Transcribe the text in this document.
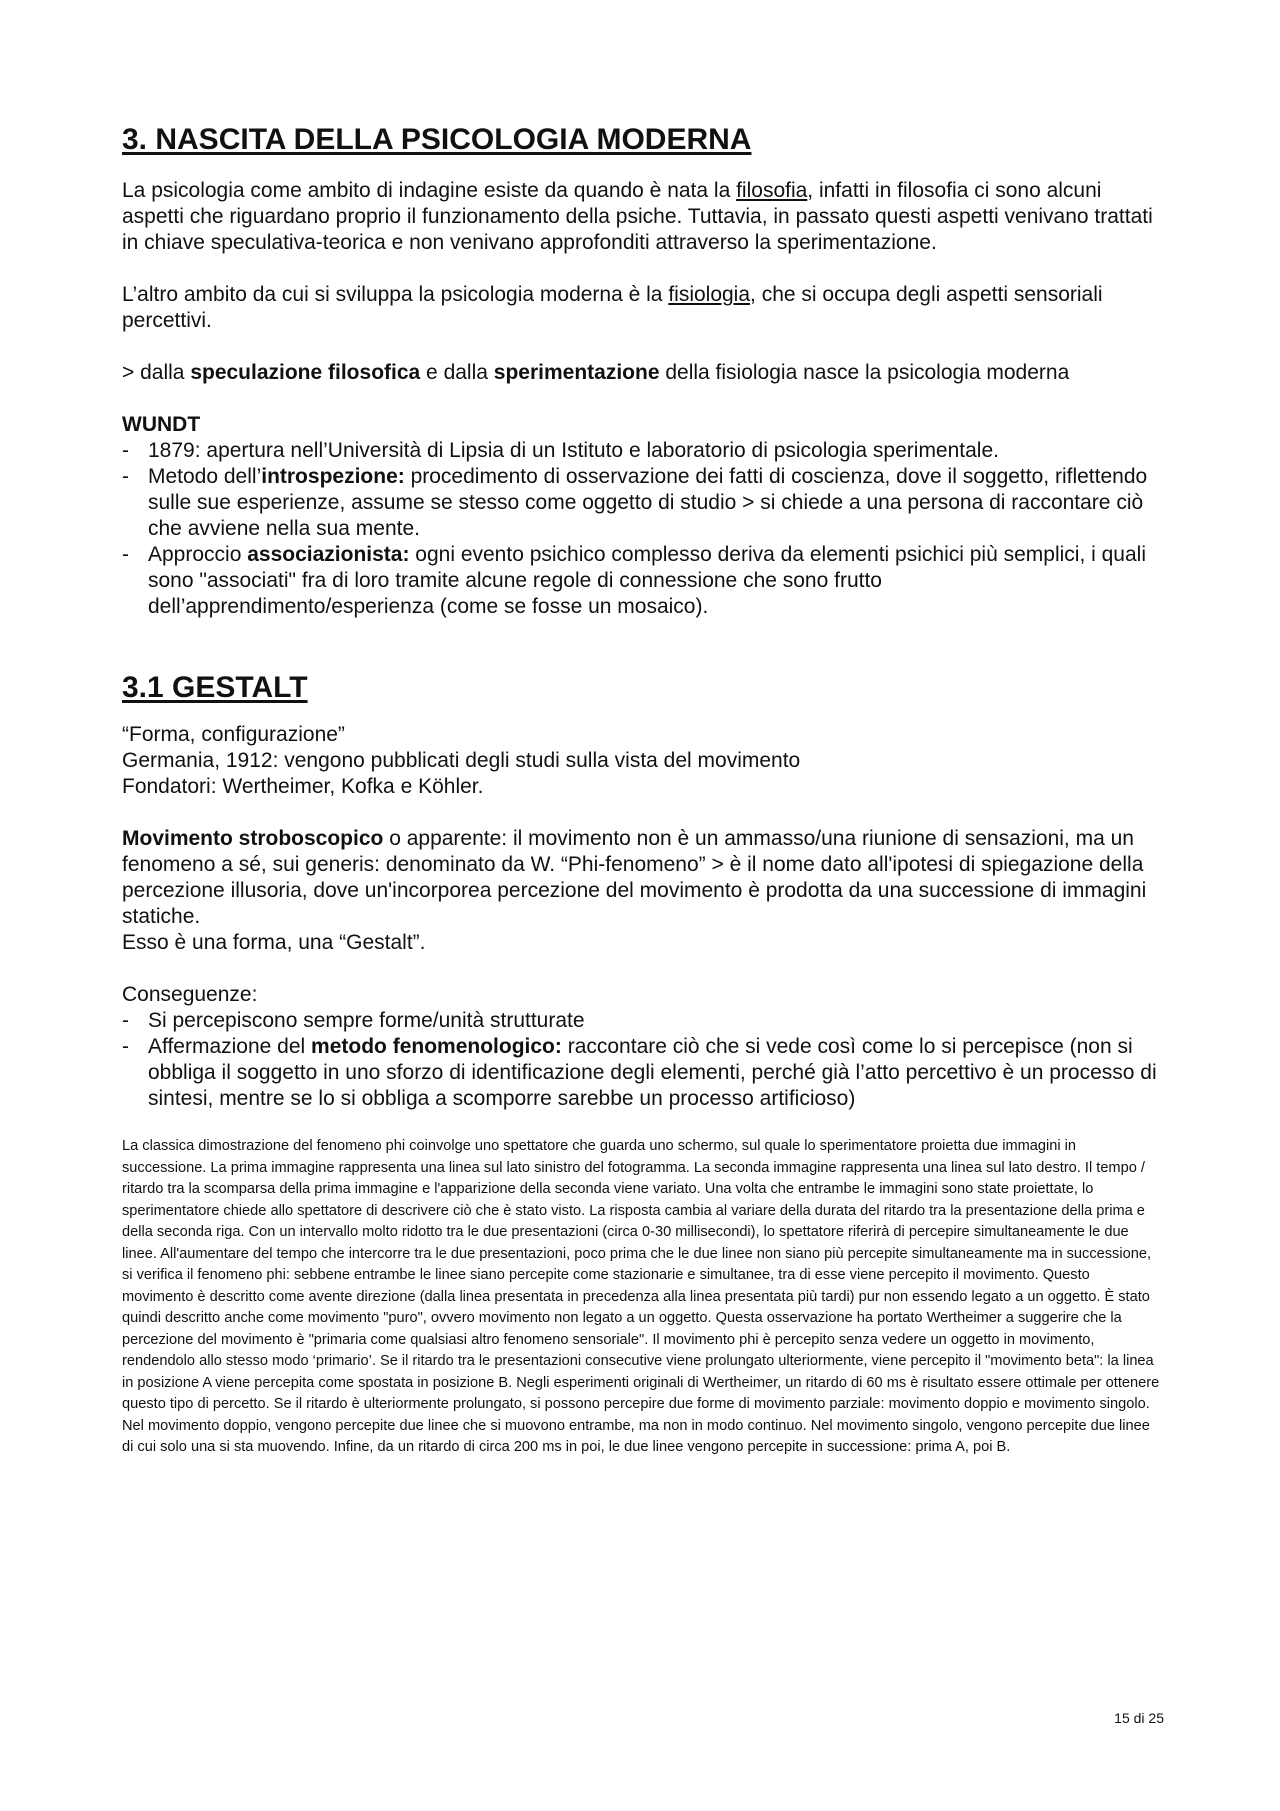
3. NASCITA DELLA PSICOLOGIA MODERNA

La psicologia come ambito di indagine esiste da quando è nata la filosofia, infatti in filosofia ci sono alcuni aspetti che riguardano proprio il funzionamento della psiche. Tuttavia, in passato questi aspetti venivano trattati in chiave speculativa-teorica e non venivano approfonditi attraverso la sperimentazione.

L’altro ambito da cui si sviluppa la psicologia moderna è la fisiologia, che si occupa degli aspetti sensoriali percettivi.

> dalla speculazione filosofica e dalla sperimentazione della fisiologia nasce la psicologia moderna

WUNDT

- 1879: apertura nell’Università di Lipsia di un Istituto e laboratorio di psicologia sperimentale.
- Metodo dell’introspezione: procedimento di osservazione dei fatti di coscienza, dove il soggetto, riflettendo sulle sue esperienze, assume se stesso come oggetto di studio > si chiede a una persona di raccontare ciò che avviene nella sua mente.
- Approccio associazionista: ogni evento psichico complesso deriva da elementi psichici più semplici, i quali sono "associati" fra di loro tramite alcune regole di connessione che sono frutto dell’apprendimento/esperienza (come se fosse un mosaico).
3.1 GESTALT

“Forma, configurazione”

Germania, 1912: vengono pubblicati degli studi sulla vista del movimento

Fondatori: Wertheimer, Kofka e Köhler.

Movimento stroboscopico o apparente: il movimento non è un ammasso/una riunione di sensazioni, ma un fenomeno a sé, sui generis: denominato da W. “Phi-fenomeno” > è il nome dato all'ipotesi di spiegazione della percezione illusoria, dove un'incorporea percezione del movimento è prodotta da una successione di immagini statiche.

Esso è una forma, una “Gestalt”.

Conseguenze:

- Si percepiscono sempre forme/unità strutturate
- Affermazione del metodo fenomenologico: raccontare ciò che si vede così come lo si percepisce (non si obbliga il soggetto in uno sforzo di identificazione degli elementi, perché già l’atto percettivo è un processo di sintesi, mentre se lo si obbliga a scomporre sarebbe un processo artificioso)

La classica dimostrazione del fenomeno phi coinvolge uno spettatore che guarda uno schermo, sul quale lo sperimentatore proietta due immagini in successione. La prima immagine rappresenta una linea sul lato sinistro del fotogramma. La seconda immagine rappresenta una linea sul lato destro. Il tempo / ritardo tra la scomparsa della prima immagine e l'apparizione della seconda viene variato. Una volta che entrambe le immagini sono state proiettate, lo sperimentatore chiede allo spettatore di descrivere ciò che è stato visto. La risposta cambia al variare della durata del ritardo tra la presentazione della prima e della seconda riga. Con un intervallo molto ridotto tra le due presentazioni (circa 0-30 millisecondi), lo spettatore riferirà di percepire simultaneamente le due linee. All'aumentare del tempo che intercorre tra le due presentazioni, poco prima che le due linee non siano più percepite simultaneamente ma in successione, si verifica il fenomeno phi: sebbene entrambe le linee siano percepite come stazionarie e simultanee, tra di esse viene percepito il movimento. Questo movimento è descritto come avente direzione (dalla linea presentata in precedenza alla linea presentata più tardi) pur non essendo legato a un oggetto. È stato quindi descritto anche come movimento "puro", ovvero movimento non legato a un oggetto. Questa osservazione ha portato Wertheimer a suggerire che la percezione del movimento è "primaria come qualsiasi altro fenomeno sensoriale". Il movimento phi è percepito senza vedere un oggetto in movimento, rendendolo allo stesso modo ‘primario’. Se il ritardo tra le presentazioni consecutive viene prolungato ulteriormente, viene percepito il "movimento beta": la linea in posizione A viene percepita come spostata in posizione B. Negli esperimenti originali di Wertheimer, un ritardo di 60 ms è risultato essere ottimale per ottenere questo tipo di percetto. Se il ritardo è ulteriormente prolungato, si possono percepire due forme di movimento parziale: movimento doppio e movimento singolo. Nel movimento doppio, vengono percepite due linee che si muovono entrambe, ma non in modo continuo. Nel movimento singolo, vengono percepite due linee di cui solo una si sta muovendo. Infine, da un ritardo di circa 200 ms in poi, le due linee vengono percepite in successione: prima A, poi B.

15 di 25
